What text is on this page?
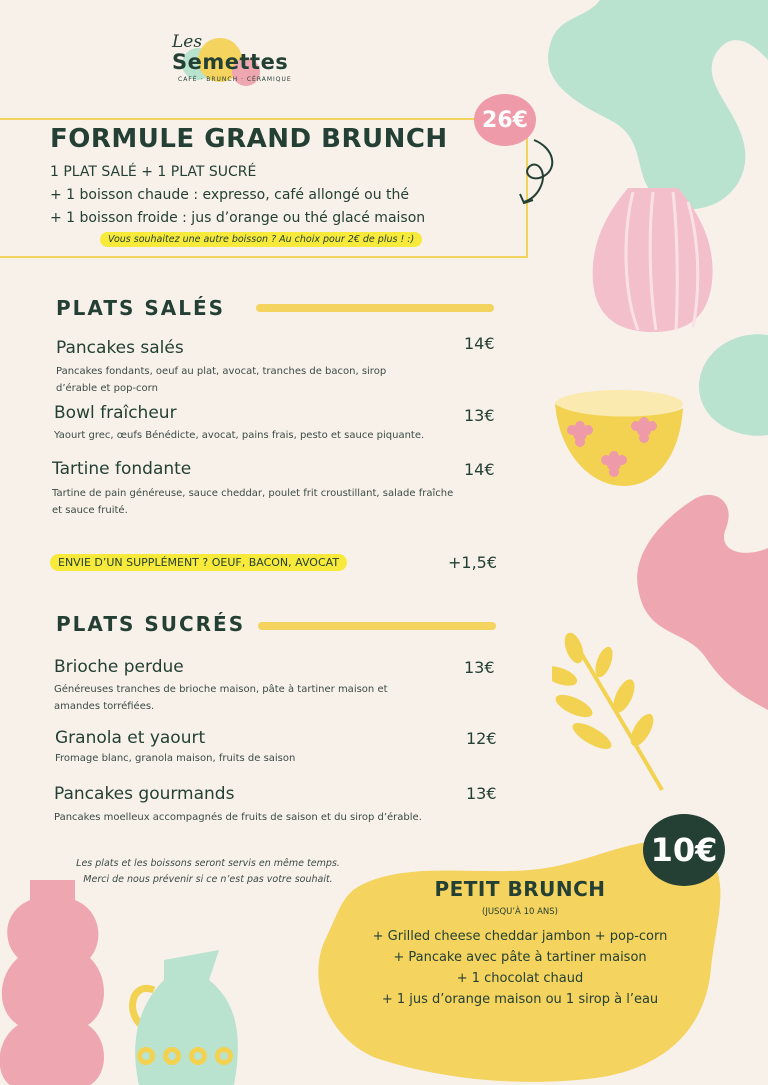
Les
Semettes
CAFÉ · BRUNCH · CÉRAMIQUE
FORMULE GRAND BRUNCH
1 PLAT SALÉ + 1 PLAT SUCRÉ
+ 1 boisson chaude : expresso, café allongé ou thé
+ 1 boisson froide : jus d’orange ou thé glacé maison
Vous souhaitez une autre boisson ? Au choix pour 2€ de plus ! :)
26€
PLATS SALÉS
Pancakes salés	14€
Pancakes fondants, oeuf au plat, avocat, tranches de bacon, sirop d’érable et pop-corn
Bowl fraîcheur	13€
Yaourt grec, œufs Bénédicte, avocat, pains frais, pesto et sauce piquante.
Tartine fondante	14€
Tartine de pain généreuse, sauce cheddar, poulet frit croustillant, salade fraîche et sauce fruité.
ENVIE D’UN SUPPLÉMENT ? OEUF, BACON, AVOCAT	+1,5€
PLATS SUCRÉS
Brioche perdue	13€
Généreuses tranches de brioche maison, pâte à tartiner maison et amandes torréfiées.
Granola et yaourt	12€
Fromage blanc, granola maison, fruits de saison
Pancakes gourmands	13€
Pancakes moelleux accompagnés de fruits de saison et du sirop d’érable.
Les plats et les boissons seront servis en même temps.
Merci de nous prévenir si ce n’est pas votre souhait.
10€
PETIT BRUNCH
(JUSQU’À 10 ANS)
+ Grilled cheese cheddar jambon + pop-corn
+ Pancake avec pâte à tartiner maison
+ 1 chocolat chaud
+ 1 jus d’orange maison ou 1 sirop à l’eau
